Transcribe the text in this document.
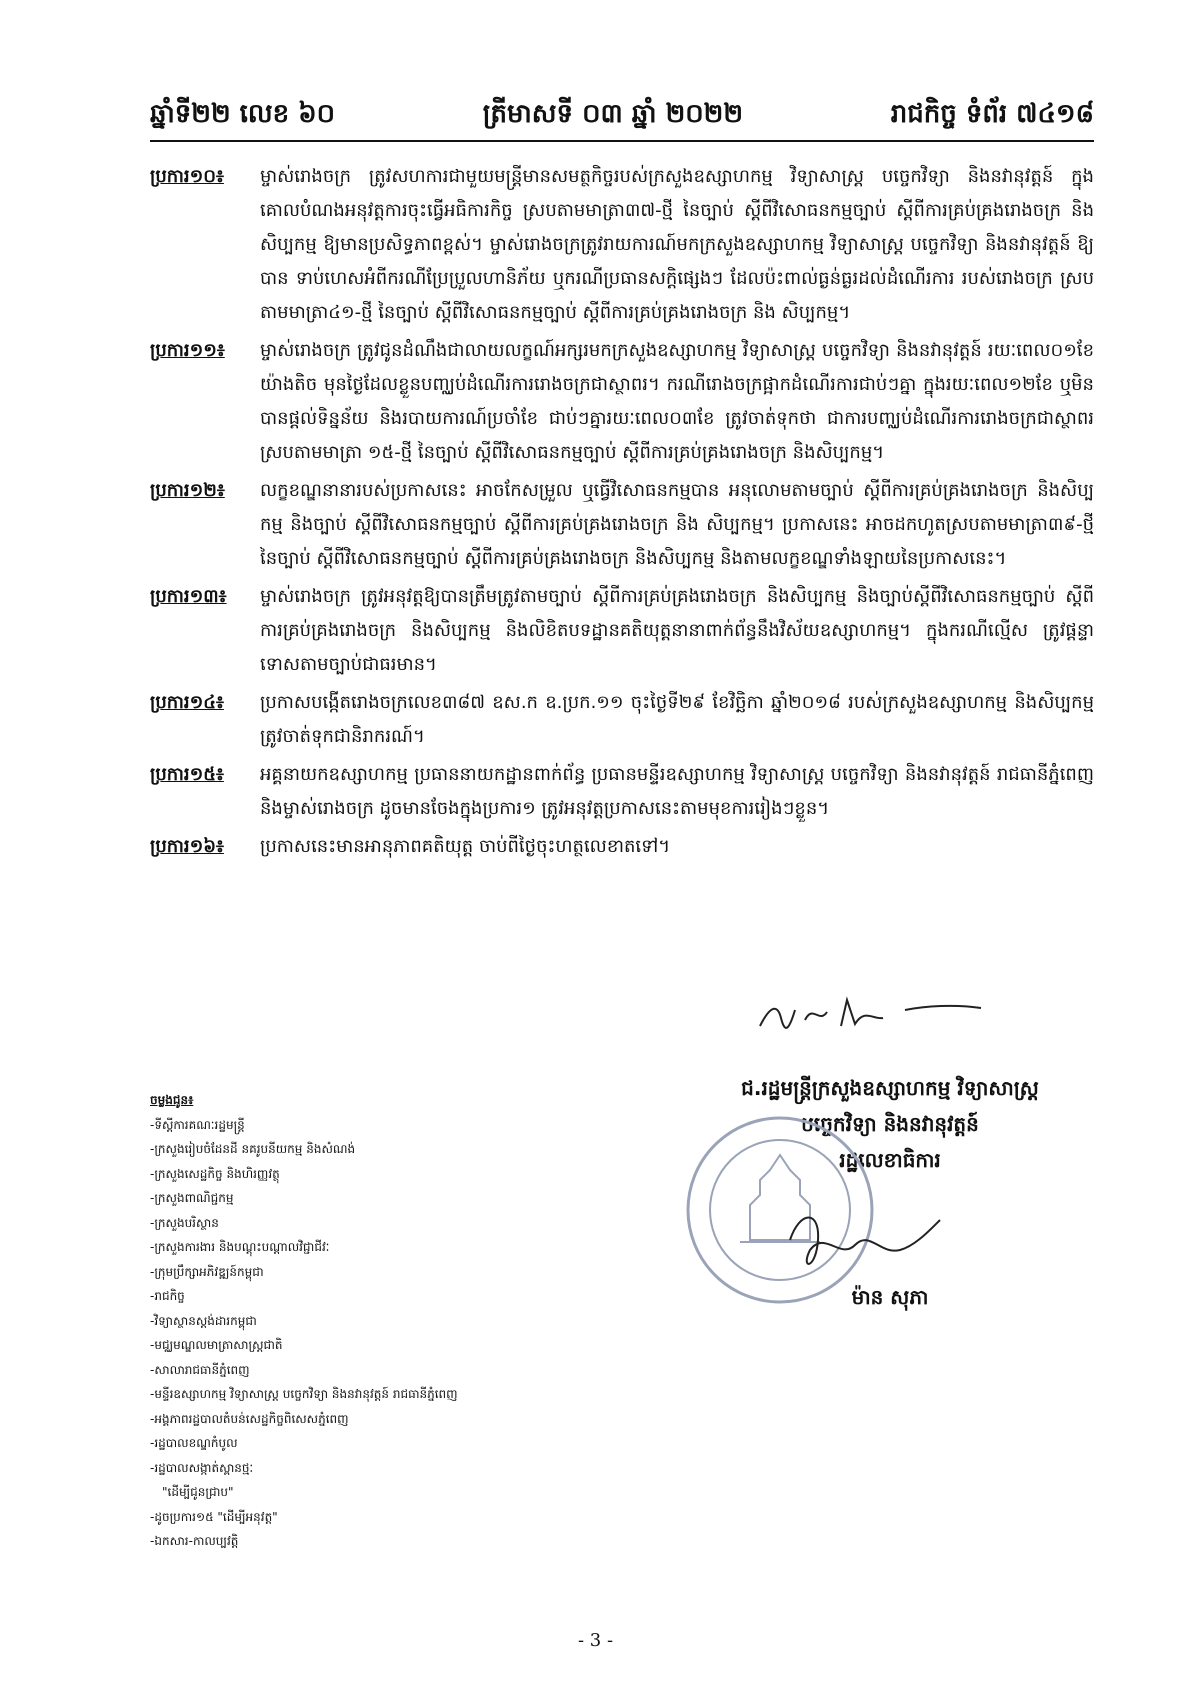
ឆ្នាំទី២២ លេខ ៦០	ត្រីមាសទី ០៣ ឆ្នាំ ២០២២	រាជកិច្ច ទំព័រ ៧៤១៨
ប្រការ១០៖	ម្ចាស់រោងចក្រ ត្រូវសហការជាមួយមន្ត្រីមានសមត្ថកិច្ចរបស់ក្រសួងឧស្សាហកម្ម វិទ្យាសាស្ត្រ បច្ចេកវិទ្យា និងនវានុវត្តន៍ ក្នុងគោលបំណងអនុវត្តការចុះធ្វើអធិការកិច្ច ស្របតាមមាត្រា៣៧-ថ្មី នៃច្បាប់ ស្តីពីវិសោធនកម្មច្បាប់ ស្តីពីការគ្រប់គ្រងរោងចក្រ និងសិប្បកម្ម ឱ្យមានប្រសិទ្ធភាពខ្ពស់។ ម្ចាស់រោងចក្រត្រូវរាយការណ៍មកក្រសួងឧស្សាហកម្ម វិទ្យាសាស្ត្រ បច្ចេកវិទ្យា និងនវានុវត្តន៍ ឱ្យបាន ទាប់ហេសអំពីករណីប្រែប្រួលហានិភ័យ ឬករណីប្រធានសក្តិផ្សេងៗ ដែលប៉ះពាល់ធ្ងន់ធ្ងរដល់ដំណើរការ របស់រោងចក្រ ស្របតាមមាត្រា៤១-ថ្មី នៃច្បាប់ ស្តីពីវិសោធនកម្មច្បាប់ ស្តីពីការគ្រប់គ្រងរោងចក្រ និង សិប្បកម្ម។
ប្រការ១១៖	ម្ចាស់រោងចក្រ ត្រូវជូនដំណឹងជាលាយលក្ខណ៍អក្សរមកក្រសួងឧស្សាហកម្ម វិទ្យាសាស្ត្រ បច្ចេកវិទ្យា និងនវានុវត្តន៍ រយៈពេល០១ខែយ៉ាងតិច មុនថ្ងៃដែលខ្លួនបញ្ឈប់ដំណើរការរោងចក្រជាស្ថាពរ។ ករណីរោងចក្រផ្អាកដំណើរការជាប់ៗគ្នា ក្នុងរយៈពេល១២ខែ ឬមិនបានផ្តល់ទិន្នន័យ និងរបាយការណ៍ប្រចាំខែ ជាប់ៗគ្នារយៈពេល០៣ខែ ត្រូវចាត់ទុកថា ជាការបញ្ឈប់ដំណើរការរោងចក្រជាស្ថាពរ ស្របតាមមាត្រា ១៥-ថ្មី នៃច្បាប់ ស្តីពីវិសោធនកម្មច្បាប់ ស្តីពីការគ្រប់គ្រងរោងចក្រ និងសិប្បកម្ម។
ប្រការ១២៖	លក្ខខណ្ឌនានារបស់ប្រកាសនេះ អាចកែសម្រួល ឬធ្វើវិសោធនកម្មបាន អនុលោមតាមច្បាប់ ស្តីពីការគ្រប់គ្រងរោងចក្រ និងសិប្បកម្ម និងច្បាប់ ស្តីពីវិសោធនកម្មច្បាប់ ស្តីពីការគ្រប់គ្រងរោងចក្រ និង សិប្បកម្ម។ ប្រកាសនេះ អាចដកហូតស្របតាមមាត្រា៣៩-ថ្មី នៃច្បាប់ ស្តីពីវិសោធនកម្មច្បាប់ ស្តីពីការគ្រប់គ្រងរោងចក្រ និងសិប្បកម្ម និងតាមលក្ខខណ្ឌទាំងឡាយនៃប្រកាសនេះ។
ប្រការ១៣៖	ម្ចាស់រោងចក្រ ត្រូវអនុវត្តឱ្យបានត្រឹមត្រូវតាមច្បាប់ ស្តីពីការគ្រប់គ្រងរោងចក្រ និងសិប្បកម្ម និងច្បាប់ស្តីពីវិសោធនកម្មច្បាប់ ស្តីពីការគ្រប់គ្រងរោងចក្រ និងសិប្បកម្ម និងលិខិតបទដ្ឋានគតិយុត្តនានាពាក់ព័ន្ធនឹងវិស័យឧស្សាហកម្ម។ ក្នុងករណីល្មើស ត្រូវផ្តន្ទាទោសតាមច្បាប់ជាធរមាន។
ប្រការ១៤៖	ប្រកាសបង្កើតរោងចក្រលេខ៣៨៧ ឧស.ក ឧ.ប្រក.១១ ចុះថ្ងៃទី២៩ ខែវិច្ឆិកា ឆ្នាំ២០១៨ របស់ក្រសួងឧស្សាហកម្ម និងសិប្បកម្ម ត្រូវចាត់ទុកជានិរាករណ៍។
ប្រការ១៥៖	អគ្គនាយកឧស្សាហកម្ម ប្រធាននាយកដ្ឋានពាក់ព័ន្ធ ប្រធានមន្ទីរឧស្សាហកម្ម វិទ្យាសាស្ត្រ បច្ចេកវិទ្យា និងនវានុវត្តន៍ រាជធានីភ្នំពេញ និងម្ចាស់រោងចក្រ ដូចមានចែងក្នុងប្រការ១ ត្រូវអនុវត្តប្រកាសនេះតាមមុខការរៀងៗខ្លួន។
ប្រការ១៦៖	ប្រកាសនេះមានអានុភាពគតិយុត្ត ចាប់ពីថ្ងៃចុះហត្ថលេខាតទៅ។
ចម្លងជូន៖
-ទីស្តីការគណៈរដ្ឋមន្ត្រី
-ក្រសួងរៀបចំដែនដី នគរូបនីយកម្ម និងសំណង់
-ក្រសួងសេដ្ឋកិច្ច និងហិរញ្ញវត្ថុ
-ក្រសួងពាណិជ្ជកម្ម
-ក្រសួងបរិស្ថាន
-ក្រសួងការងារ និងបណ្តុះបណ្តាលវិជ្ជាជីវៈ
-ក្រុមប្រឹក្សាអភិវឌ្ឍន៍កម្ពុជា
-រាជកិច្ច
-វិទ្យាស្ថានស្តង់ដារកម្ពុជា
-មជ្ឈមណ្ឌលមាត្រាសាស្ត្រជាតិ
-សាលារាជធានីភ្នំពេញ
-មន្ទីរឧស្សាហកម្ម វិទ្យាសាស្ត្រ បច្ចេកវិទ្យា និងនវានុវត្តន៍ រាជធានីភ្នំពេញ
-អង្គភាពរដ្ឋបាលតំបន់សេដ្ឋកិច្ចពិសេសភ្នំពេញ
-រដ្ឋបាលខណ្ឌកំបូល
-រដ្ឋបាលសង្កាត់ស្ពានថ្មៈ
"ដើម្បីជូនជ្រាប"
-ដូចប្រការ១៥ "ដើម្បីអនុវត្ត"
-ឯកសារ-កាលប្បវត្តិ
ជ.រដ្ឋមន្ត្រីក្រសួងឧស្សាហកម្ម វិទ្យាសាស្ត្រ
បច្ចេកវិទ្យា និងនវានុវត្តន៍
រដ្ឋលេខាធិការ
ម៉ាន សុភា
- 3 -
